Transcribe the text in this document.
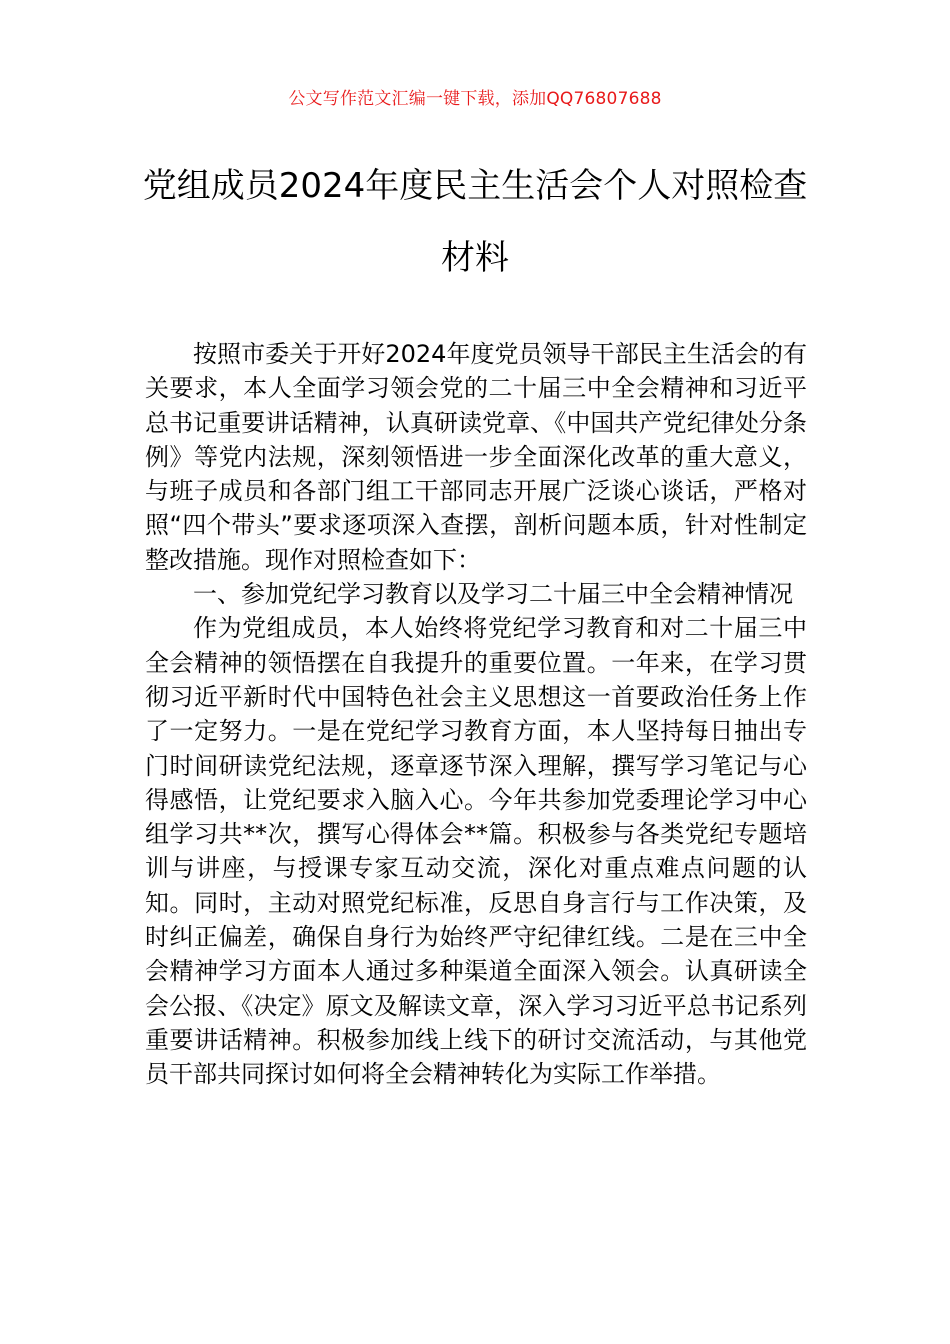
公文写作范文汇编一键下载，添加QQ76807688
党组成员2024年度民主生活会个人对照检查材料

按照市委关于开好2024年度党员领导干部民主生活会的有关要求，本人全面学习领会党的二十届三中全会精神和习近平总书记重要讲话精神，认真研读党章、《中国共产党纪律处分条例》等党内法规，深刻领悟进一步全面深化改革的重大意义，与班子成员和各部门组工干部同志开展广泛谈心谈话，严格对照“四个带头”要求逐项深入查摆，剖析问题本质，针对性制定整改措施。现作对照检查如下：

一、参加党纪学习教育以及学习二十届三中全会精神情况

作为党组成员，本人始终将党纪学习教育和对二十届三中全会精神的领悟摆在自我提升的重要位置。一年来，在学习贯彻习近平新时代中国特色社会主义思想这一首要政治任务上作了一定努力。一是在党纪学习教育方面，本人坚持每日抽出专门时间研读党纪法规，逐章逐节深入理解，撰写学习笔记与心得感悟，让党纪要求入脑入心。今年共参加党委理论学习中心组学习共**次，撰写心得体会**篇。积极参与各类党纪专题培训与讲座，与授课专家互动交流，深化对重点难点问题的认知。同时，主动对照党纪标准，反思自身言行与工作决策，及时纠正偏差，确保自身行为始终严守纪律红线。二是在三中全会精神学习方面本人通过多种渠道全面深入领会。认真研读全会公报、《决定》原文及解读文章，深入学习习近平总书记系列重要讲话精神。积极参加线上线下的研讨交流活动，与其他党员干部共同探讨如何将全会精神转化为实际工作举措。
